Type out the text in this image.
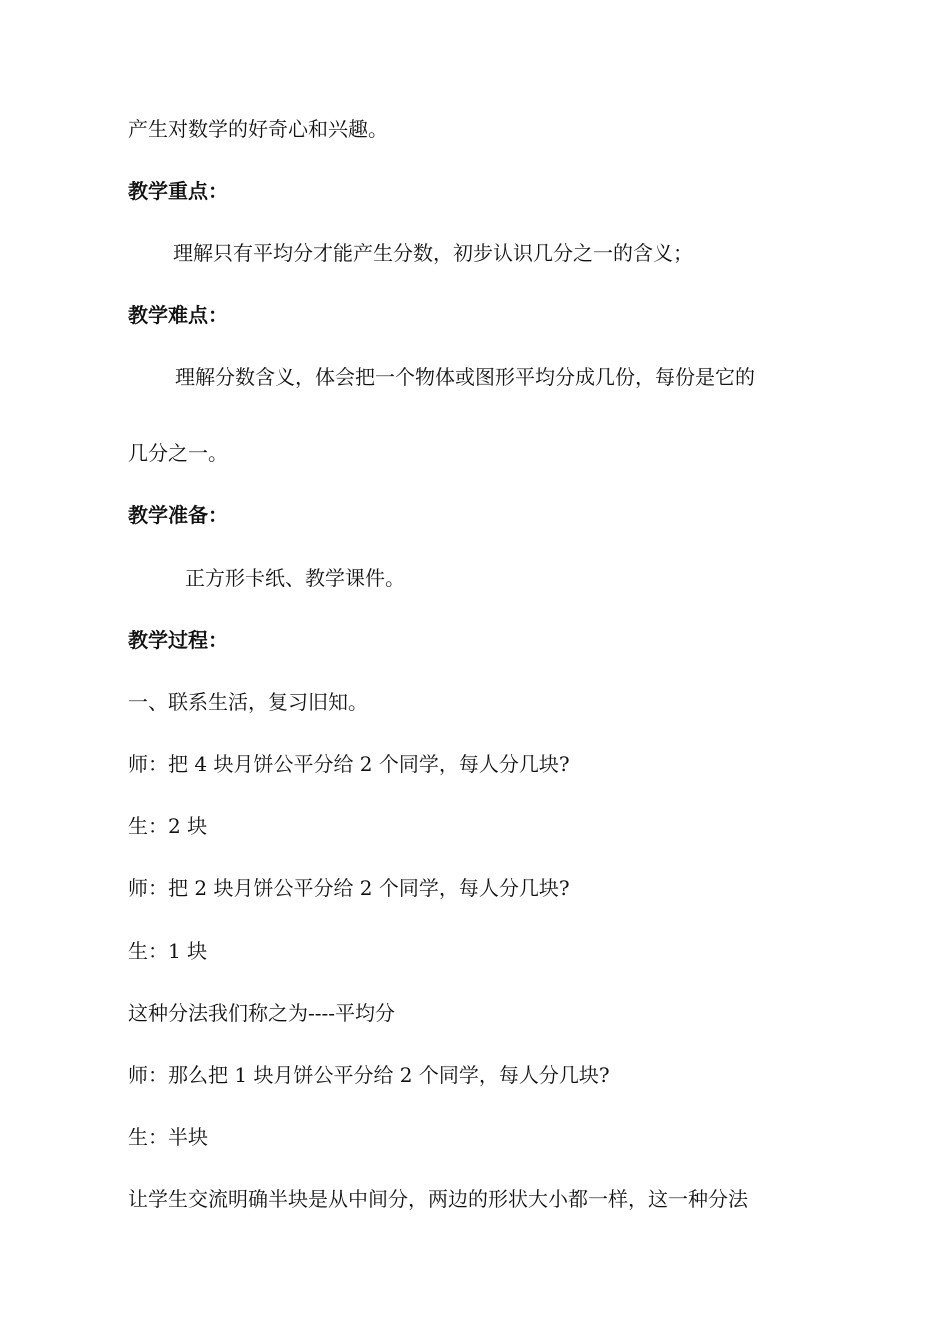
产生对数学的好奇心和兴趣。
教学重点：
理解只有平均分才能产生分数，初步认识几分之一的含义；
教学难点：
理解分数含义，体会把一个物体或图形平均分成几份，每份是它的
几分之一。
教学准备：
正方形卡纸、教学课件。
教学过程：
一、联系生活，复习旧知。
师：把 4 块月饼公平分给 2 个同学，每人分几块?
生：2 块
师：把 2 块月饼公平分给 2 个同学，每人分几块?
生：1 块
这种分法我们称之为----平均分
师：那么把 1 块月饼公平分给 2 个同学，每人分几块?
生：半块
让学生交流明确半块是从中间分，两边的形状大小都一样，这一种分法
